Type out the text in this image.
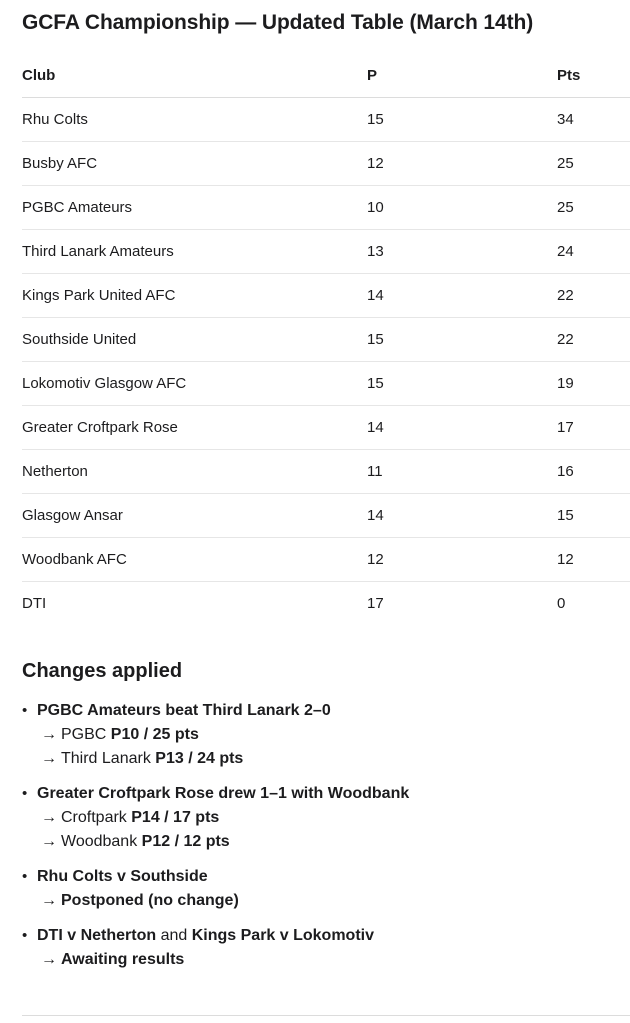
GCFA Championship — Updated Table (March 14th)
Club	P	Pts
Rhu Colts	15	34
Busby AFC	12	25
PGBC Amateurs	10	25
Third Lanark Amateurs	13	24
Kings Park United AFC	14	22
Southside United	15	22
Lokomotiv Glasgow AFC	15	19
Greater Croftpark Rose	14	17
Netherton	11	16
Glasgow Ansar	14	15
Woodbank AFC	12	12
DTI	17	0
Changes applied
• PGBC Amateurs beat Third Lanark 2–0
→ PGBC P10 / 25 pts
→ Third Lanark P13 / 24 pts
• Greater Croftpark Rose drew 1–1 with Woodbank
→ Croftpark P14 / 17 pts
→ Woodbank P12 / 12 pts
• Rhu Colts v Southside
→ Postponed (no change)
• DTI v Netherton and Kings Park v Lokomotiv
→ Awaiting results
